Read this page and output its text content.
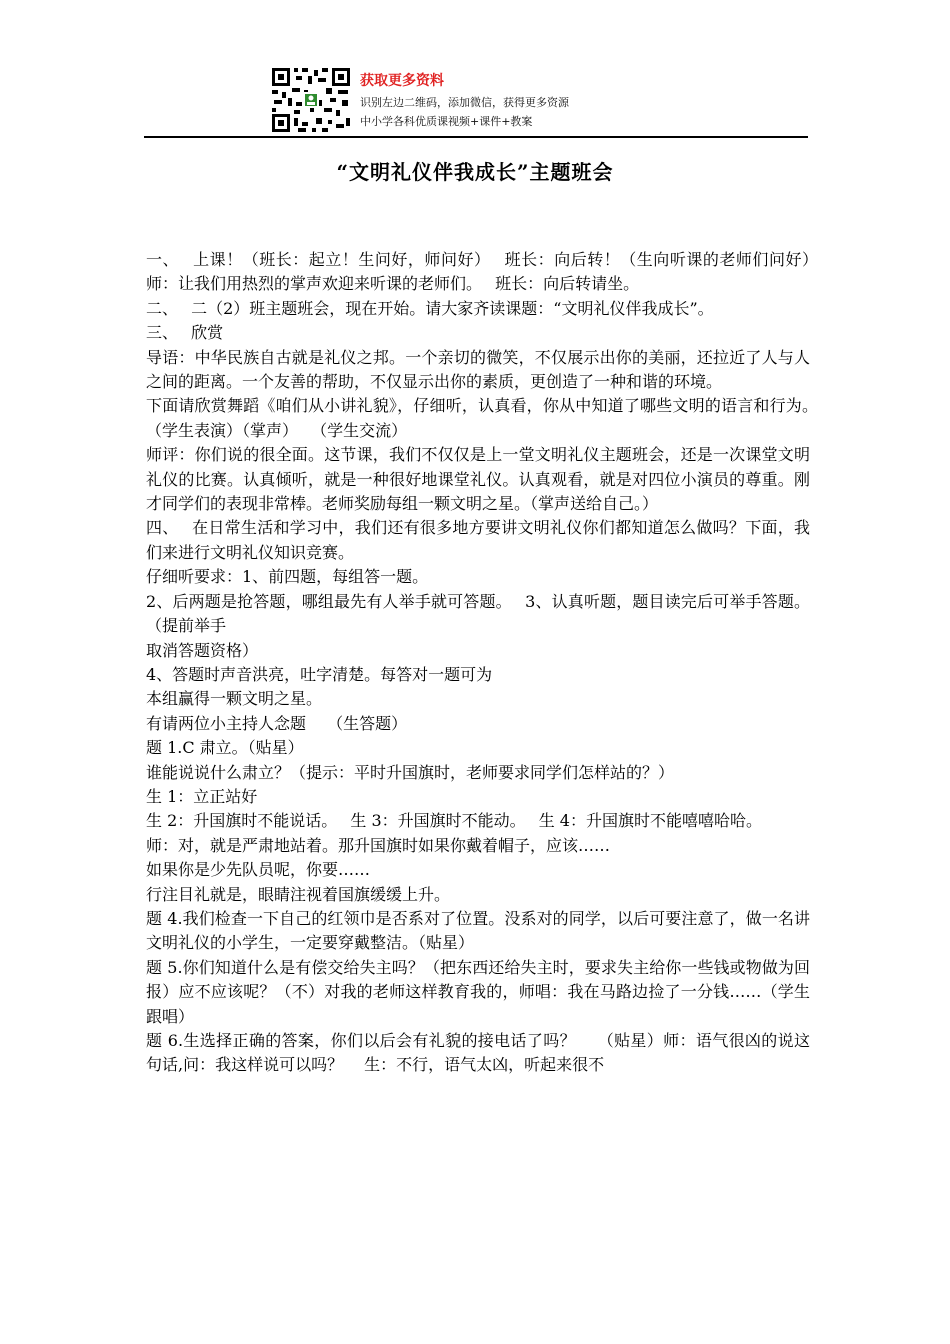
获取更多资料
识别左边二维码，添加微信，获得更多资源
中小学各科优质课视频+课件+教案
“文明礼仪伴我成长”主题班会

一、　 上课！（班长：起立！生问好，师问好）　 班长：向后转！（生向听课的老师们问好）　 师：让我们用热烈的掌声欢迎来听课的老师们。　 班长：向后转请坐。

二、　 二（2）班主题班会，现在开始。请大家齐读课题：“文明礼仪伴我成长”。

三、　 欣赏

导语：中华民族自古就是礼仪之邦。一个亲切的微笑，不仅展示出你的美丽，还拉近了人与人之间的距离。一个友善的帮助，不仅显示出你的素质，更创造了一种和谐的环境。

下面请欣赏舞蹈《咱们从小讲礼貌》，仔细听，认真看，你从中知道了哪些文明的语言和行为。　 （学生表演）（掌声）　 （学生交流）

师评：你们说的很全面。这节课，我们不仅仅是上一堂文明礼仪主题班会，还是一次课堂文明礼仪的比赛。认真倾听，就是一种很好地课堂礼仪。认真观看，就是对四位小演员的尊重。刚才同学们的表现非常棒。老师奖励每组一颗文明之星。（掌声送给自己。）

四、　 在日常生活和学习中，我们还有很多地方要讲文明礼仪你们都知道怎么做吗？下面，我们来进行文明礼仪知识竞赛。

仔细听要求：1、前四题，每组答一题。

2、后两题是抢答题，哪组最先有人举手就可答题。　 3、认真听题，题目读完后可举手答题。（提前举手

取消答题资格）

4、答题时声音洪亮，吐字清楚。每答对一题可为

本组赢得一颗文明之星。

有请两位小主持人念题　 （生答题）

题 1.C 肃立。（贴星）

谁能说说什么肃立？（提示：平时升国旗时，老师要求同学们怎样站的？）

生 1：立正站好

生 2：升国旗时不能说话。　 生 3：升国旗时不能动。　 生 4：升国旗时不能嘻嘻哈哈。

师：对，就是严肃地站着。那升国旗时如果你戴着帽子，应该……

如果你是少先队员呢，你要……

行注目礼就是，眼睛注视着国旗缓缓上升。

题 4.我们检查一下自己的红领巾是否系对了位置。没系对的同学，以后可要注意了，做一名讲文明礼仪的小学生，一定要穿戴整洁。（贴星）

题 5.你们知道什么是有偿交给失主吗？（把东西还给失主时，要求失主给你一些钱或物做为回报）应不应该呢？（不）对我的老师这样教育我的，师唱：我在马路边捡了一分钱……（学生跟唱）

题 6.生选择正确的答案，你们以后会有礼貌的接电话了吗？　 （贴星）师：语气很凶的说这句话,问：我这样说可以吗？　 生：不行，语气太凶，听起来很不
